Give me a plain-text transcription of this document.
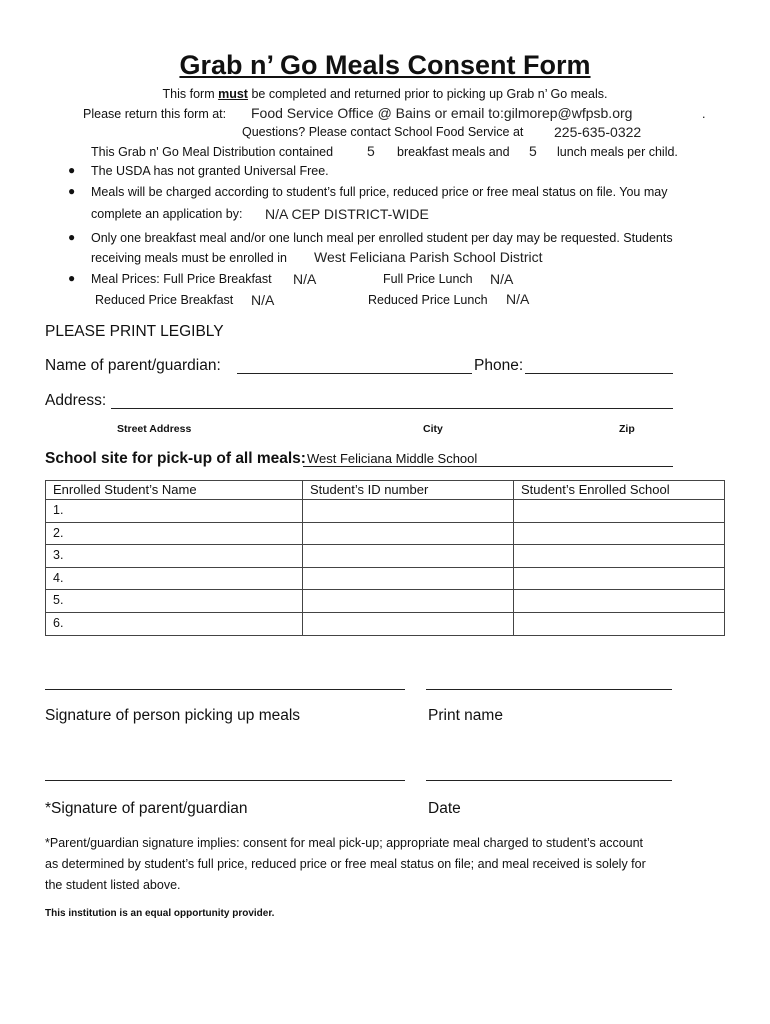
Grab n’ Go Meals Consent Form
This form must be completed and returned prior to picking up Grab n’ Go meals.
Please return this form at: Food Service Office @ Bains or email to:gilmorep@wfpsb.org	.
Questions? Please contact School Food Service at 225-635-0322
This Grab n' Go Meal Distribution contained 5 breakfast meals and 5 lunch meals per child.
● The USDA has not granted Universal Free.
● Meals will be charged according to student’s full price, reduced price or free meal status on file. You may
complete an application by: N/A CEP DISTRICT-WIDE
● Only one breakfast meal and/or one lunch meal per enrolled student per day may be requested. Students
receiving meals must be enrolled in West Feliciana Parish School District
● Meal Prices: Full Price Breakfast N/A	Full Price Lunch N/A
Reduced Price Breakfast N/A	Reduced Price Lunch N/A
PLEASE PRINT LEGIBLY
Name of parent/guardian:	Phone:
Address:
Street Address	City	Zip
School site for pick-up of all meals: West Feliciana Middle School
Enrolled Student’s Name	Student’s ID number	Student’s Enrolled School
1.		
2.		
3.		
4.		
5.		
6.		
Signature of person picking up meals	Print name
*Signature of parent/guardian	Date
*Parent/guardian signature implies: consent for meal pick-up; appropriate meal charged to student’s account
as determined by student’s full price, reduced price or free meal status on file; and meal received is solely for
the student listed above.
This institution is an equal opportunity provider.
